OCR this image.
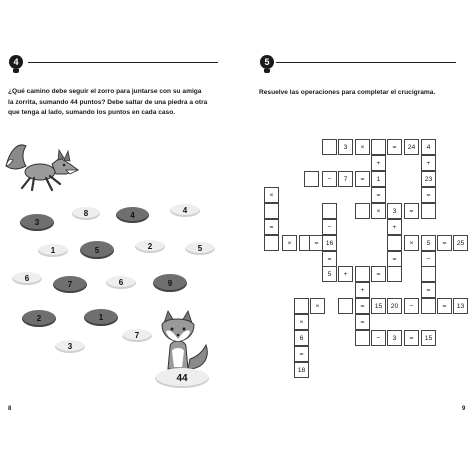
4
¿Qué camino debe seguir el zorro para juntarse con su amiga
la zorrita, sumando 44 puntos? Debe saltar de una piedra a otra
que tenga al lado, sumando los puntos en cada caso.
8	4	4
3
1	5	2	5
6
7	6	9
2	1
3
7
44
8
5
Resuelve las operaciones para completar el crucigrama.
3	×	=	24	4
+	+
−	7	=	1	23
×	=	=
×	3	=
=	−	+
×	=	16	×	5	=	25
=	=	−
5	+	=
+	=
×	=	15	20	−	=	13
×	=
6	−	3	=	15
=
18
9
